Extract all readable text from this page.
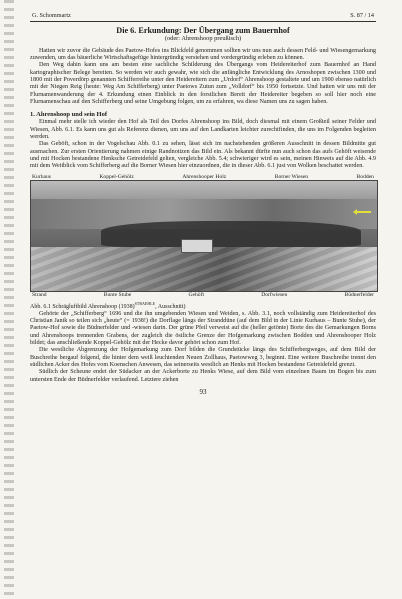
G. Schommartz	S. 87 / 14
Die 6. Erkundung: Der Übergang zum Bauernhof
(oder: Ahrenshoop preußisch)

Hatten wir zuvor die Gebäude des Paetow-Hofes ins Blickfeld genommen sollten wir uns nun auch dessen Feld- und Wiesengemarkung zuwenden, um das bäuerliche Wirtschaftsgefüge hintergründig verstehen und vordergründig erleben zu können.

Den Weg dahin kann uns am besten eine sachliche Schilderung des Übergangs vom Heidereiterhof zum Bauernhof an Hand kartographischer Belege bereiten. So werden wir auch gewahr, wie sich die anfängliche Entwicklung des Arnoshopen zwischen 1300 und 1800 mit der Poverdörp genannten Schifferreihe unter den Heidereitern zum „Urdorf“ Ahrenshoop gestaltete und um 1900 ebenso natürlich mit der Niegen Reig (heute: Weg Am Schifferberg) unter Paetows Zutun zum „Volldorf“ bis 1950 fortsetzte. Und hatten wir uns mit der Flurnamenwanderung der 4. Erkundung einen Einblick in den forstlichen Bereit der Heidereiter begeben so soll hier noch eine Flurnamenschau auf den Schifferberg und seine Umgebung folgen, um zu erfahren, wa diese Namen uns zu sagen haben.

1. Ahrenshoop und sein Hof

Einmal mehr stelle ich wieder den Hof als Teil des Dorfes Ahrenshoop ins Bild, doch diesmal mit einem Großteil seiner Felder und Wiesen, Abb. 6.1. Es kann uns gut als Referenz dienen, um uns auf den Landkarten leichter zurechtfinden, die uns im Folgenden begleiten werden.

Das Geböft, schon in der Vogelschau Abb. 0.1 zu sehen, lässt sich im nachstehenden größeren Ausschnitt in dessen Bildmitte gut ausmachen. Zur ersten Orientierung nahmen einige Randnotizen das Bild ein. Als bekannt dürfte nun auch schon das aufs Gehöft weisende und mit Hocken bestandene Henksche Getreidefeld gelten, vergleiche Abb. 5.4; schwieriger wird es sein, meinen Hinweis auf die Abb. 4.9 mit dem Weitblick vom Schifferberg auf die Borner Wiesen hier einzuordnen, die in dieser Abb. 6.1 just von Wolken beschattet werden.

Kurhaus	Koppel-Gehölz	Ahrenshooper Holz	Borner Wiesen	Bodden
Strand	Bunte Stube	Gehöft	Dorfwiesen	Büdnerfelder
Abb. 6.1 Schrägluftbild Ahrenshoop $(1938)^{STRAEHLE}$, Ausschnitt)

Gehörte der „Schifferberg“ 1696 und die ihn umgebenden Wiesen und Weiden, s. Abb. 3.1, noch vollständig zum Heidereiterhof des Christian Janik so teilen sich „heute“ (= 1938!) die Dorflage längs der Stranddüne (auf dem Bild in der Linie Kurhaus – Bunte Stube), der Paetow-Hof sowie die Büdnerfelder und -wiesen darin. Der grüne Pfeil verweist auf die (heller getönte) Borte des die Gemarkungen Borns und Ahrenshoops trennenden Grabens, der zugleich die östliche Grenze der Hofgemarkung zwischen Bodden und Ahrenshooper Holz bildet; das anschließende Koppel-Gehölz mit der Hecke davor gehört schon zum Hof.

Die westliche Abgrenzung der Hofgemarkung zum Dorf bilden die Grundstücke längs des Schifferbergweges, auf dem Bild der Buschreihe bergauf folgend, die hinter dem weiß leuchtenden Neuen Zollhaus, Paetowweg 3, beginnt. Eine weitere Buschreihe trennt den südlichen Acker des Hofes vom Koenschen Anwesen, das seinerseits westlich an Henks mit Hocken bestandene Getreidefeld grenzt.

Südlich der Scheune endet der Südacker an der Ackerborte zu Henks Wiese, auf dem Bild vom einzelnen Baum im Bogen bis zum untersten Ende der Büdnerfelder verlaufend. Letztere ziehen

93
